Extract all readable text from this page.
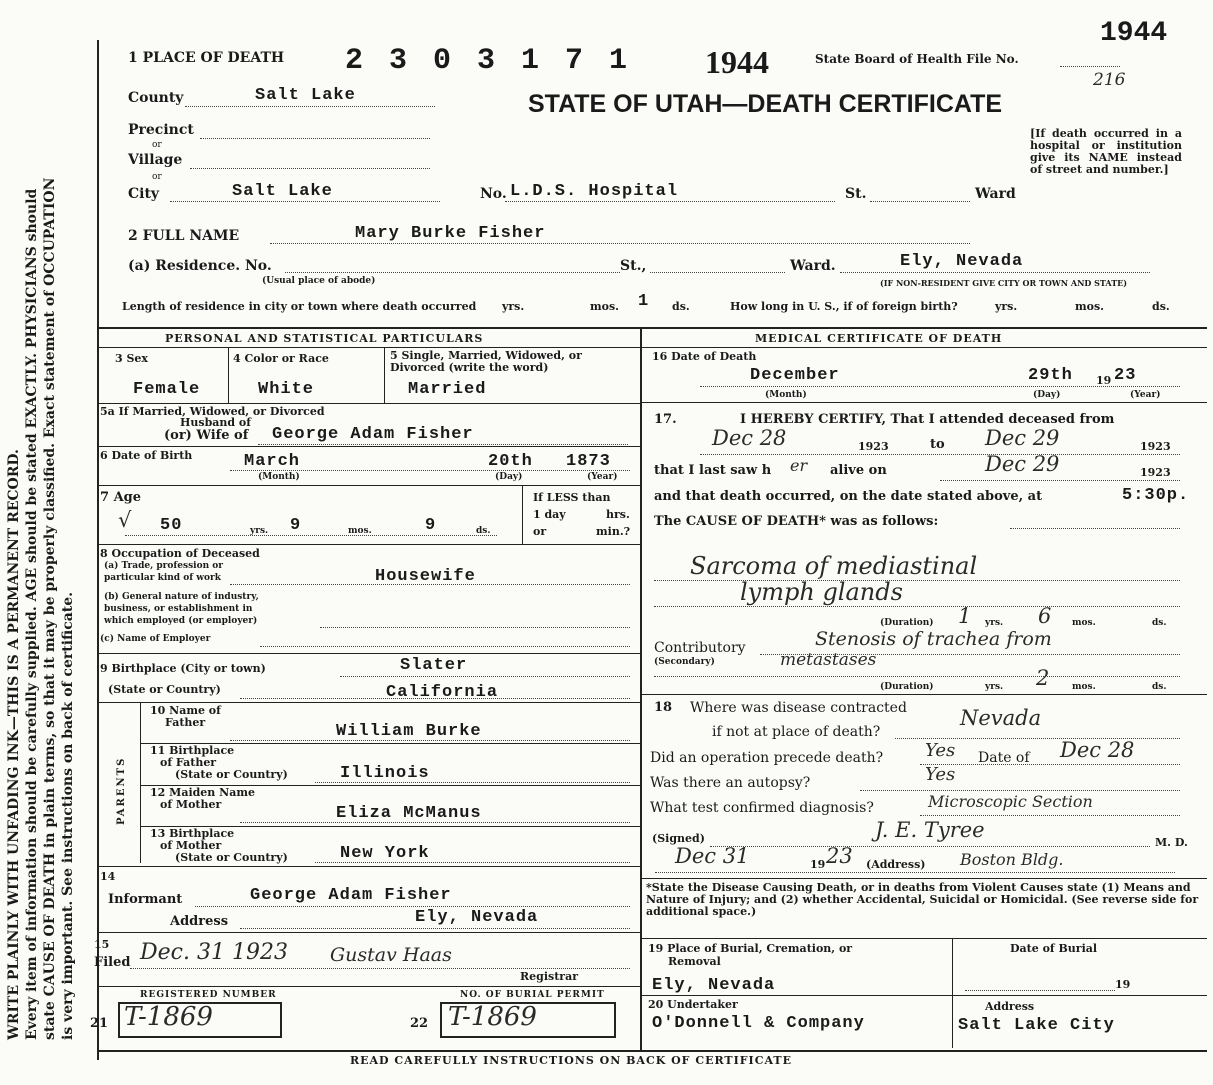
WRITE PLAINLY WITH UNFADING INK—THIS IS A PERMANENT RECORD. Every item of information should be carefully supplied. AGE should be stated EXACTLY. PHYSICIANS should state CAUSE OF DEATH in plain terms, so that it may be properly classified. Exact statement of OCCUPATION is very important. See instructions on back of certificate.
1 PLACE OF DEATH 2 3 0 3 1 7 1 1944	State Board of Health File No.
216
1944
STATE OF UTAH—DEATH CERTIFICATE
County	Salt Lake
Precinct
or
Village
or
City	Salt Lake	No. L.D.S. Hospital	St.	Ward
[If death occurred in a hospital or institution give its NAME instead of street and number.]
2 FULL NAME	Mary Burke Fisher
(a) Residence. No.
(Usual place of abode)
St.,	Ward.	Ely, Nevada
(IF NON-RESIDENT GIVE CITY OR TOWN AND STATE)
Length of residence in city or town where death occurred yrs.	mos. 1 ds.	How long in U. S., if of foreign birth?	yrs.	mos.	ds.
PERSONAL AND STATISTICAL PARTICULARS	MEDICAL CERTIFICATE OF DEATH
3 Sex
Female
4 Color or Race
White
5 Single, Married, Widowed, or Divorced (write the word)
Married
5a If Married, Widowed, or Divorced
Husband of
(or) Wife of George Adam Fisher
6 Date of Birth	March	20th 1873
(Month)	(Day)	(Year)
7 Age
√ 50	yrs. 9	mos.	9	ds.
If LESS than
1 day	hrs.
or	min.?
8 Occupation of Deceased
(a) Trade, profession or
particular kind of work	Housewife
(b) General nature of industry,
business, or establishment in
which employed (or employer)
(c) Name of Employer
9 Birthplace (City or town)	Slater
(State or Country)	California
PARENTS
10 Name of
Father	William Burke
11 Birthplace
of Father
(State or Country)	Illinois
12 Maiden Name
of Mother	Eliza McManus
13 Birthplace
of Mother
(State or Country)	New York
14
Informant	George Adam Fisher
Address	Ely, Nevada
15
Filed Dec. 31 1923 Gustav Haas
Registrar
REGISTERED NUMBER
21 T-1869
NO. OF BURIAL PERMIT
22 T-1869
16 Date of Death
December	29th 19 23
(Month)	(Day)	(Year)
17.	I HEREBY CERTIFY, That I attended deceased from
Dec 28	1923	to Dec 29	1923
that I last saw h er alive on	Dec 29	1923
and that death occurred, on the date stated above, at	5:30p.
The CAUSE OF DEATH* was as follows:
Sarcoma of mediastinal
lymph glands
(Duration) 1 yrs. 6 mos.	ds.
Contributory
(Secondary)
Stenosis of trachea from
metastases
(Duration)	yrs. 2	mos.	ds.
18 Where was disease contracted
if not at place of death?
Nevada
Did an operation precede death? Yes Date of Dec 28
Was there an autopsy?	Yes
What test confirmed diagnosis?	Microscopic Section
(Signed)	J. E. Tyree
M. D.
Dec 31	19 23 (Address) Boston Bldg.
*State the Disease Causing Death, or in deaths from Violent Causes state (1) Means and Nature of Injury; and (2) whether Accidental, Suicidal or Homicidal. (See reverse side for additional space.)
19 Place of Burial, Cremation, or
Removal
Ely, Nevada
Date of Burial
19
20 Undertaker
O'Donnell & Company
Address
Salt Lake City
READ CAREFULLY INSTRUCTIONS ON BACK OF CERTIFICATE
